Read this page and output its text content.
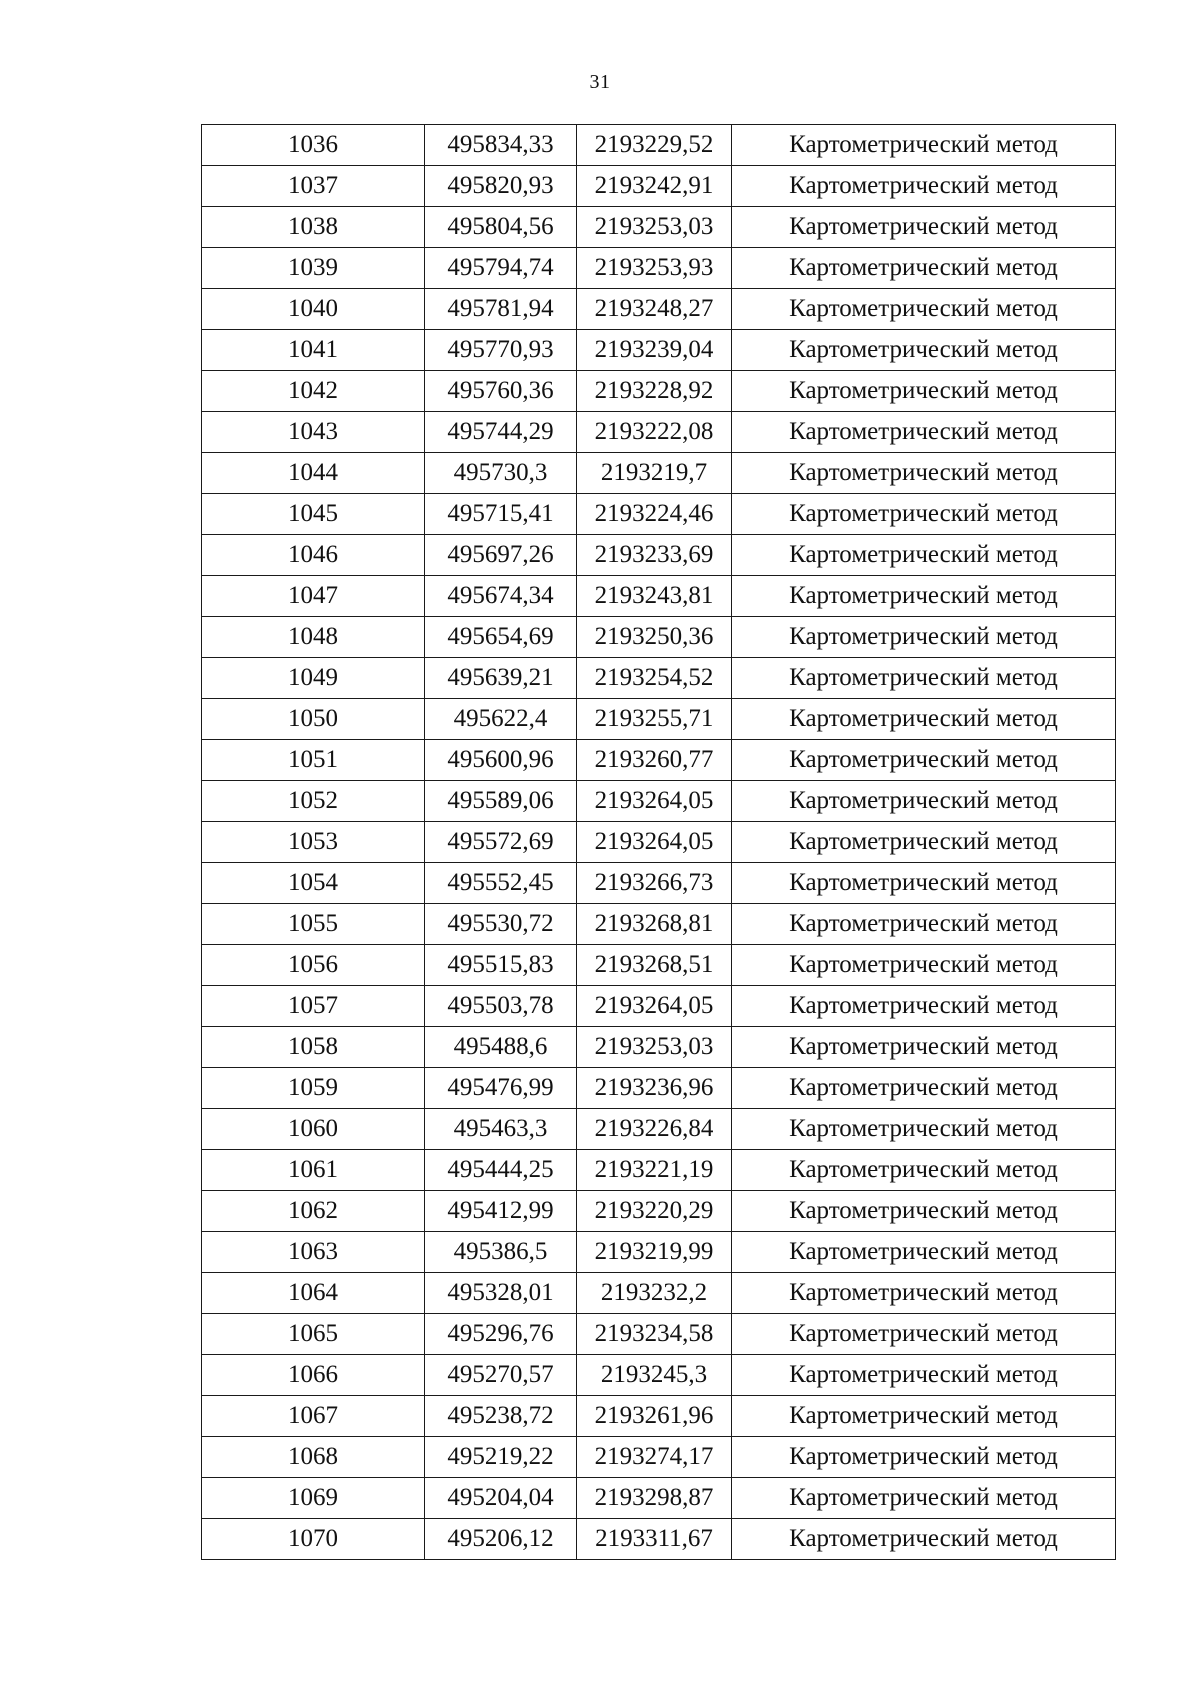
31
1036	495834,33	2193229,52	Картометрический метод
1037	495820,93	2193242,91	Картометрический метод
1038	495804,56	2193253,03	Картометрический метод
1039	495794,74	2193253,93	Картометрический метод
1040	495781,94	2193248,27	Картометрический метод
1041	495770,93	2193239,04	Картометрический метод
1042	495760,36	2193228,92	Картометрический метод
1043	495744,29	2193222,08	Картометрический метод
1044	495730,3	2193219,7	Картометрический метод
1045	495715,41	2193224,46	Картометрический метод
1046	495697,26	2193233,69	Картометрический метод
1047	495674,34	2193243,81	Картометрический метод
1048	495654,69	2193250,36	Картометрический метод
1049	495639,21	2193254,52	Картометрический метод
1050	495622,4	2193255,71	Картометрический метод
1051	495600,96	2193260,77	Картометрический метод
1052	495589,06	2193264,05	Картометрический метод
1053	495572,69	2193264,05	Картометрический метод
1054	495552,45	2193266,73	Картометрический метод
1055	495530,72	2193268,81	Картометрический метод
1056	495515,83	2193268,51	Картометрический метод
1057	495503,78	2193264,05	Картометрический метод
1058	495488,6	2193253,03	Картометрический метод
1059	495476,99	2193236,96	Картометрический метод
1060	495463,3	2193226,84	Картометрический метод
1061	495444,25	2193221,19	Картометрический метод
1062	495412,99	2193220,29	Картометрический метод
1063	495386,5	2193219,99	Картометрический метод
1064	495328,01	2193232,2	Картометрический метод
1065	495296,76	2193234,58	Картометрический метод
1066	495270,57	2193245,3	Картометрический метод
1067	495238,72	2193261,96	Картометрический метод
1068	495219,22	2193274,17	Картометрический метод
1069	495204,04	2193298,87	Картометрический метод
1070	495206,12	2193311,67	Картометрический метод
